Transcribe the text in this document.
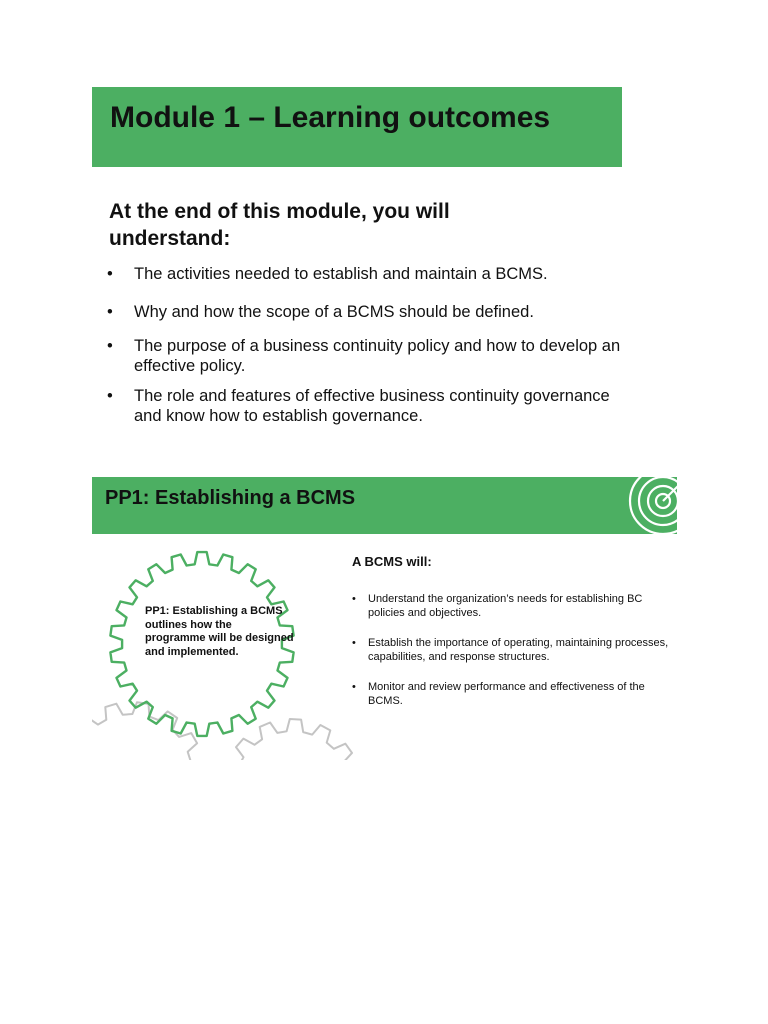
Module 1 – Learning outcomes
At the end of this module, you will understand:
• The activities needed to establish and maintain a BCMS.
• Why and how the scope of a BCMS should be defined.
• The purpose of a business continuity policy and how to develop an effective policy.
• The role and features of effective business continuity governance and know how to establish governance.
PP1: Establishing a BCMS

PP1: Establishing a BCMS outlines how the programme will be designed and implemented.

A BCMS will:
• Understand the organization’s needs for establishing BC policies and objectives.
• Establish the importance of operating, maintaining processes, capabilities, and response structures.
• Monitor and review performance and effectiveness of the BCMS.
